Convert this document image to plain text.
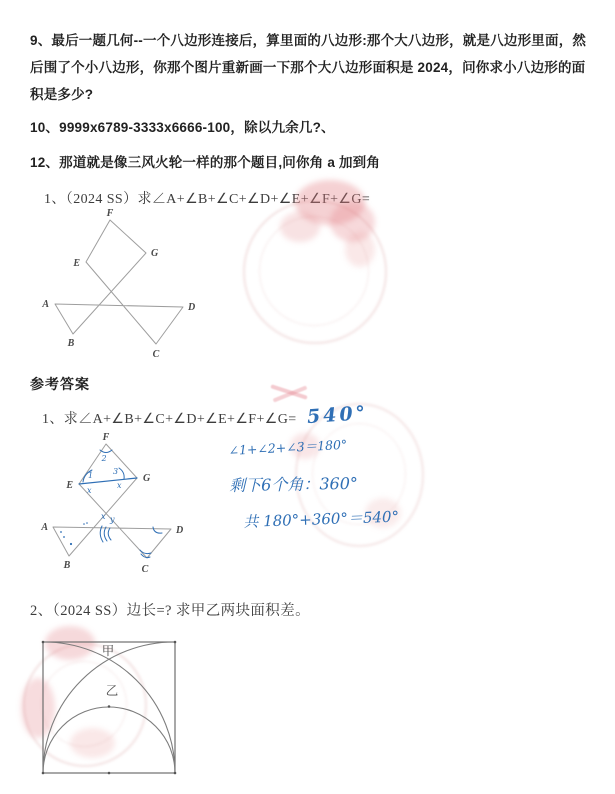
9、最后一题几何--一个八边形连接后，算里面的八边形:那个大八边形，就是八边形里面，然后围了个小八边形，你那个图片重新画一下那个大八边形面积是 2024，问你求小八边形的面积是多少?
10、9999x6789-3333x6666-100，除以九余几?、
12、那道就是像三风火轮一样的那个题目,问你角 a 加到角
1、（2024 SS）求∠A+∠B+∠C+∠D+∠E+∠F+∠G=
F
G
E
A	D
B
C
参考答案
1、求∠A+∠B+∠C+∠D+∠E+∠F+∠G= 540°
2
1 3
x
x
x y
F
G
E
A	D
B	C
∠1+∠2+∠3＝180°
剩下6个角：360°
共 180°+360°＝540°
2、（2024 SS）边长=? 求甲乙两块面积差。
甲
乙
